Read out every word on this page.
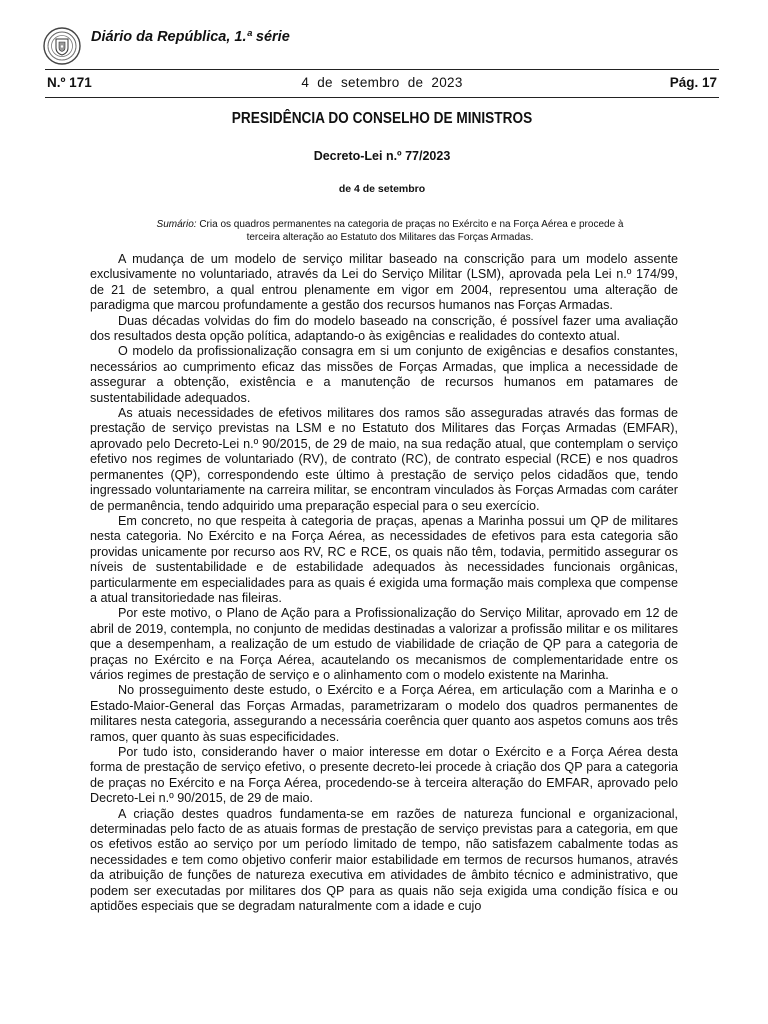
Diário da República, 1.ª série
N.º 171	4  de  setembro  de  2023	Pág. 17
PRESIDÊNCIA DO CONSELHO DE MINISTROS
Decreto-Lei n.º 77/2023
de 4 de setembro
Sumário: Cria os quadros permanentes na categoria de praças no Exército e na Força Aérea e procede à terceira alteração ao Estatuto dos Militares das Forças Armadas.

A mudança de um modelo de serviço militar baseado na conscrição para um modelo assente exclusivamente no voluntariado, através da Lei do Serviço Militar (LSM), aprovada pela Lei n.º 174/99, de 21 de setembro, a qual entrou plenamente em vigor em 2004, representou uma alteração de paradigma que marcou profundamente a gestão dos recursos humanos nas Forças Armadas.

Duas décadas volvidas do fim do modelo baseado na conscrição, é possível fazer uma avaliação dos resultados desta opção política, adaptando-o às exigências e realidades do contexto atual.

O modelo da profissionalização consagra em si um conjunto de exigências e desafios constantes, necessários ao cumprimento eficaz das missões de Forças Armadas, que implica a necessidade de assegurar a obtenção, existência e a manutenção de recursos humanos em patamares de sustentabilidade adequados.

As atuais necessidades de efetivos militares dos ramos são asseguradas através das formas de prestação de serviço previstas na LSM e no Estatuto dos Militares das Forças Armadas (EMFAR), aprovado pelo Decreto-Lei n.º 90/2015, de 29 de maio, na sua redação atual, que contemplam o serviço efetivo nos regimes de voluntariado (RV), de contrato (RC), de contrato especial (RCE) e nos quadros permanentes (QP), correspondendo este último à prestação de serviço pelos cidadãos que, tendo ingressado voluntariamente na carreira militar, se encontram vinculados às Forças Armadas com caráter de permanência, tendo adquirido uma preparação especial para o seu exercício.

Em concreto, no que respeita à categoria de praças, apenas a Marinha possui um QP de militares nesta categoria. No Exército e na Força Aérea, as necessidades de efetivos para esta categoria são providas unicamente por recurso aos RV, RC e RCE, os quais não têm, todavia, permitido assegurar os níveis de sustentabilidade e de estabilidade adequados às necessidades funcionais orgânicas, particularmente em especialidades para as quais é exigida uma formação mais complexa que compense a atual transitoriedade nas fileiras.

Por este motivo, o Plano de Ação para a Profissionalização do Serviço Militar, aprovado em 12 de abril de 2019, contempla, no conjunto de medidas destinadas a valorizar a profissão militar e os militares que a desempenham, a realização de um estudo de viabilidade de criação de QP para a categoria de praças no Exército e na Força Aérea, acautelando os mecanismos de complementaridade entre os vários regimes de prestação de serviço e o alinhamento com o modelo existente na Marinha.

No prosseguimento deste estudo, o Exército e a Força Aérea, em articulação com a Marinha e o Estado-Maior-General das Forças Armadas, parametrizaram o modelo dos quadros permanentes de militares nesta categoria, assegurando a necessária coerência quer quanto aos aspetos comuns aos três ramos, quer quanto às suas especificidades.

Por tudo isto, considerando haver o maior interesse em dotar o Exército e a Força Aérea desta forma de prestação de serviço efetivo, o presente decreto-lei procede à criação dos QP para a categoria de praças no Exército e na Força Aérea, procedendo-se à terceira alteração do EMFAR, aprovado pelo Decreto-Lei n.º 90/2015, de 29 de maio.

A criação destes quadros fundamenta-se em razões de natureza funcional e organizacional, determinadas pelo facto de as atuais formas de prestação de serviço previstas para a categoria, em que os efetivos estão ao serviço por um período limitado de tempo, não satisfazem cabalmente todas as necessidades e tem como objetivo conferir maior estabilidade em termos de recursos humanos, através da atribuição de funções de natureza executiva em atividades de âmbito técnico e administrativo, que podem ser executadas por militares dos QP para as quais não seja exigida uma condição física e ou aptidões especiais que se degradam naturalmente com a idade e cujo
